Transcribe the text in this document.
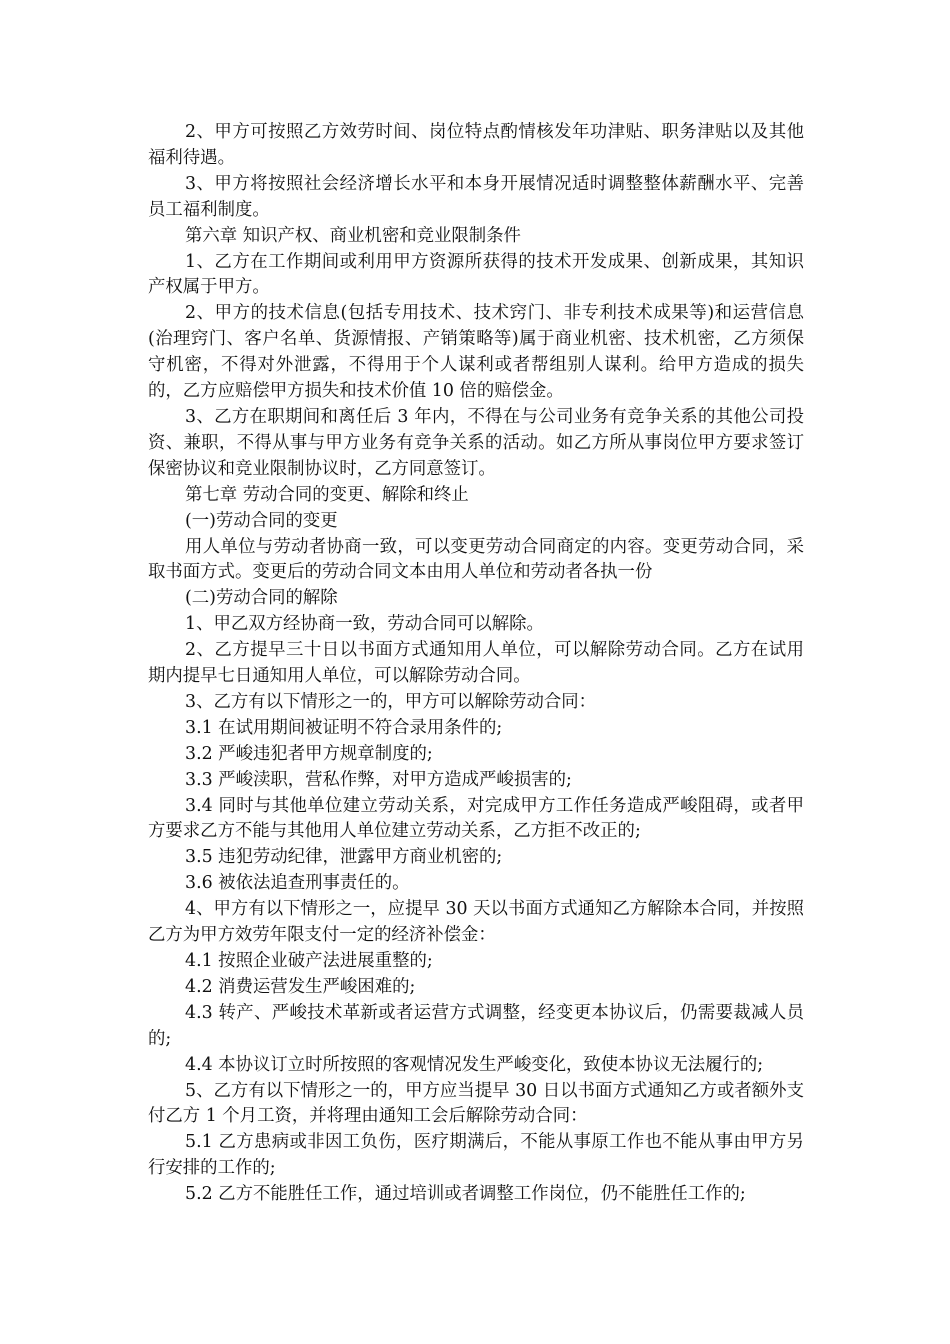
2、甲方可按照乙方效劳时间、岗位特点酌情核发年功津贴、职务津贴以及其他福利待遇。

3、甲方将按照社会经济增长水平和本身开展情况适时调整整体薪酬水平、完善员工福利制度。

第六章 知识产权、商业机密和竞业限制条件

1、乙方在工作期间或利用甲方资源所获得的技术开发成果、创新成果，其知识产权属于甲方。

2、甲方的技术信息(包括专用技术、技术窍门、非专利技术成果等)和运营信息(治理窍门、客户名单、货源情报、产销策略等)属于商业机密、技术机密，乙方须保守机密，不得对外泄露，不得用于个人谋利或者帮组别人谋利。给甲方造成的损失的，乙方应赔偿甲方损失和技术价值 10 倍的赔偿金。

3、乙方在职期间和离任后 3 年内，不得在与公司业务有竞争关系的其他公司投资、兼职，不得从事与甲方业务有竞争关系的活动。如乙方所从事岗位甲方要求签订保密协议和竞业限制协议时，乙方同意签订。

第七章 劳动合同的变更、解除和终止

(一)劳动合同的变更

用人单位与劳动者协商一致，可以变更劳动合同商定的内容。变更劳动合同，采取书面方式。变更后的劳动合同文本由用人单位和劳动者各执一份

(二)劳动合同的解除

1、甲乙双方经协商一致，劳动合同可以解除。

2、乙方提早三十日以书面方式通知用人单位，可以解除劳动合同。乙方在试用期内提早七日通知用人单位，可以解除劳动合同。

3、乙方有以下情形之一的，甲方可以解除劳动合同：

3.1 在试用期间被证明不符合录用条件的;

3.2 严峻违犯者甲方规章制度的;

3.3 严峻渎职，营私作弊，对甲方造成严峻损害的;

3.4 同时与其他单位建立劳动关系，对完成甲方工作任务造成严峻阻碍，或者甲方要求乙方不能与其他用人单位建立劳动关系，乙方拒不改正的;

3.5 违犯劳动纪律，泄露甲方商业机密的;

3.6 被依法追查刑事责任的。

4、甲方有以下情形之一，应提早 30 天以书面方式通知乙方解除本合同，并按照乙方为甲方效劳年限支付一定的经济补偿金：

4.1 按照企业破产法进展重整的;

4.2 消费运营发生严峻困难的;

4.3 转产、严峻技术革新或者运营方式调整，经变更本协议后，仍需要裁减人员的;

4.4 本协议订立时所按照的客观情况发生严峻变化，致使本协议无法履行的;

5、乙方有以下情形之一的，甲方应当提早 30 日以书面方式通知乙方或者额外支付乙方 1 个月工资，并将理由通知工会后解除劳动合同：

5.1 乙方患病或非因工负伤，医疗期满后，不能从事原工作也不能从事由甲方另行安排的工作的;

5.2 乙方不能胜任工作，通过培训或者调整工作岗位，仍不能胜任工作的;
